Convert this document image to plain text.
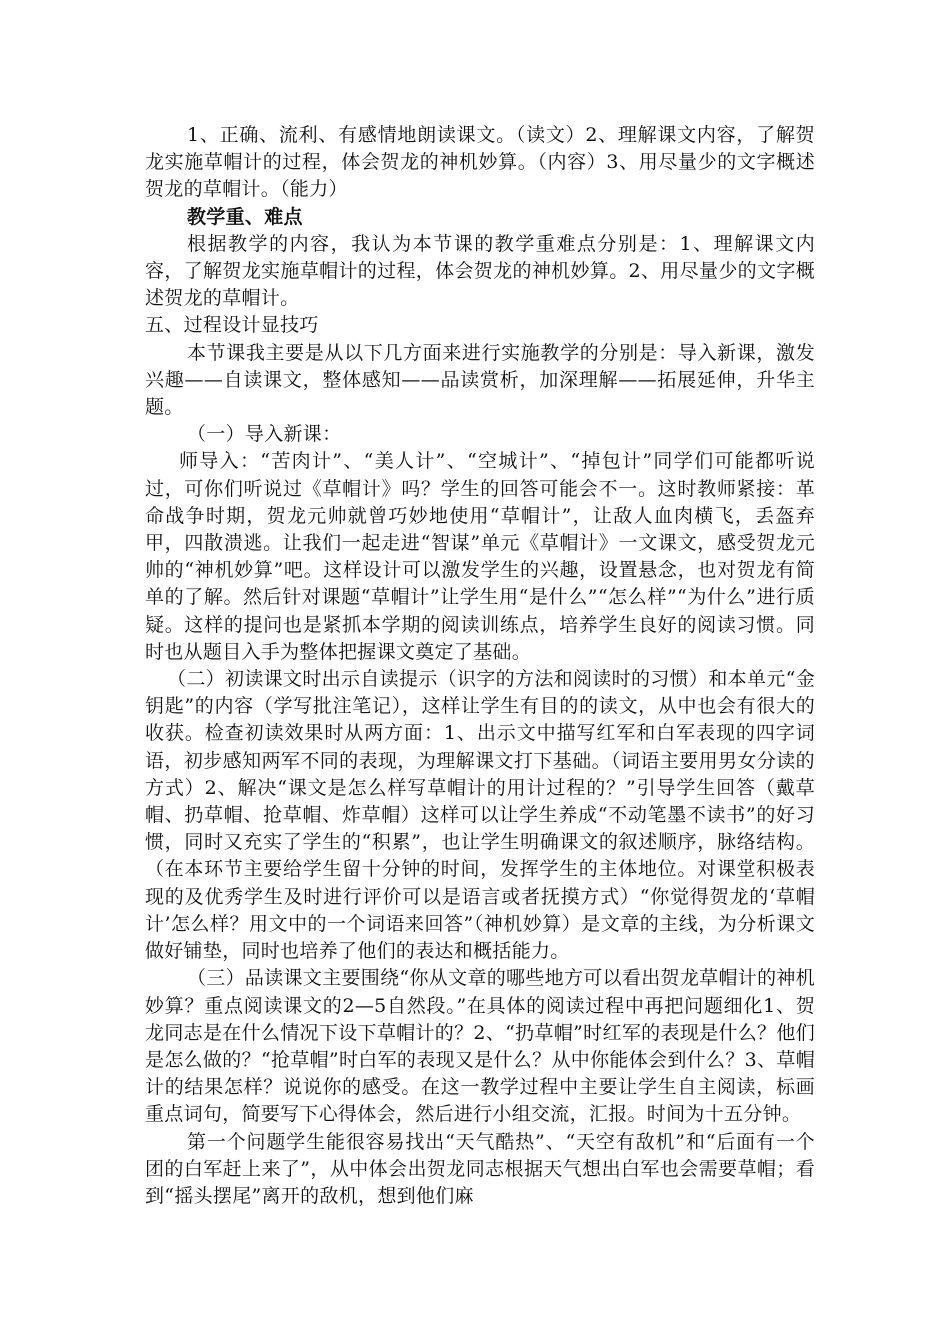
1、正确、流利、有感情地朗读课文。（读文）2、理解课文内容，了解贺龙实施草帽计的过程，体会贺龙的神机妙算。（内容）3、用尽量少的文字概述贺龙的草帽计。（能力）

教学重、难点

根据教学的内容，我认为本节课的教学重难点分别是：1、理解课文内容，了解贺龙实施草帽计的过程，体会贺龙的神机妙算。2、用尽量少的文字概述贺龙的草帽计。

五、过程设计显技巧

本节课我主要是从以下几方面来进行实施教学的分别是：导入新课，激发兴趣——自读课文，整体感知——品读赏析，加深理解——拓展延伸，升华主题。

（一）导入新课：

师导入：“苦肉计”、“美人计”、“空城计”、“掉包计”同学们可能都听说过，可你们听说过《草帽计》吗？学生的回答可能会不一。这时教师紧接：革命战争时期，贺龙元帅就曾巧妙地使用“草帽计”，让敌人血肉横飞，丢盔弃甲，四散溃逃。让我们一起走进“智谋”单元《草帽计》一文课文，感受贺龙元帅的“神机妙算”吧。这样设计可以激发学生的兴趣，设置悬念，也对贺龙有简单的了解。然后针对课题“草帽计”让学生用“是什么”“怎么样”“为什么”进行质疑。这样的提问也是紧抓本学期的阅读训练点，培养学生良好的阅读习惯。同时也从题目入手为整体把握课文奠定了基础。

（二）初读课文时出示自读提示（识字的方法和阅读时的习惯）和本单元“金钥匙”的内容（学写批注笔记），这样让学生有目的的读文，从中也会有很大的收获。检查初读效果时从两方面：1、出示文中描写红军和白军表现的四字词语，初步感知两军不同的表现，为理解课文打下基础。（词语主要用男女分读的方式）2、解决“课文是怎么样写草帽计的用计过程的？”引导学生回答（戴草帽、扔草帽、抢草帽、炸草帽）这样可以让学生养成“不动笔墨不读书”的好习惯，同时又充实了学生的“积累”，也让学生明确课文的叙述顺序，脉络结构。（在本环节主要给学生留十分钟的时间，发挥学生的主体地位。对课堂积极表现的及优秀学生及时进行评价可以是语言或者抚摸方式）“你觉得贺龙的‘草帽计’怎么样？用文中的一个词语来回答”（神机妙算）是文章的主线，为分析课文做好铺垫，同时也培养了他们的表达和概括能力。

（三）品读课文主要围绕“你从文章的哪些地方可以看出贺龙草帽计的神机妙算？重点阅读课文的2—5自然段。”在具体的阅读过程中再把问题细化1、贺龙同志是在什么情况下设下草帽计的？2、“扔草帽”时红军的表现是什么？他们是怎么做的？“抢草帽”时白军的表现又是什么？从中你能体会到什么？3、草帽计的结果怎样？说说你的感受。在这一教学过程中主要让学生自主阅读，标画重点词句，简要写下心得体会，然后进行小组交流，汇报。时间为十五分钟。

第一个问题学生能很容易找出“天气酷热”、“天空有敌机”和“后面有一个团的白军赶上来了”，从中体会出贺龙同志根据天气想出白军也会需要草帽；看到“摇头摆尾”离开的敌机，想到他们麻
